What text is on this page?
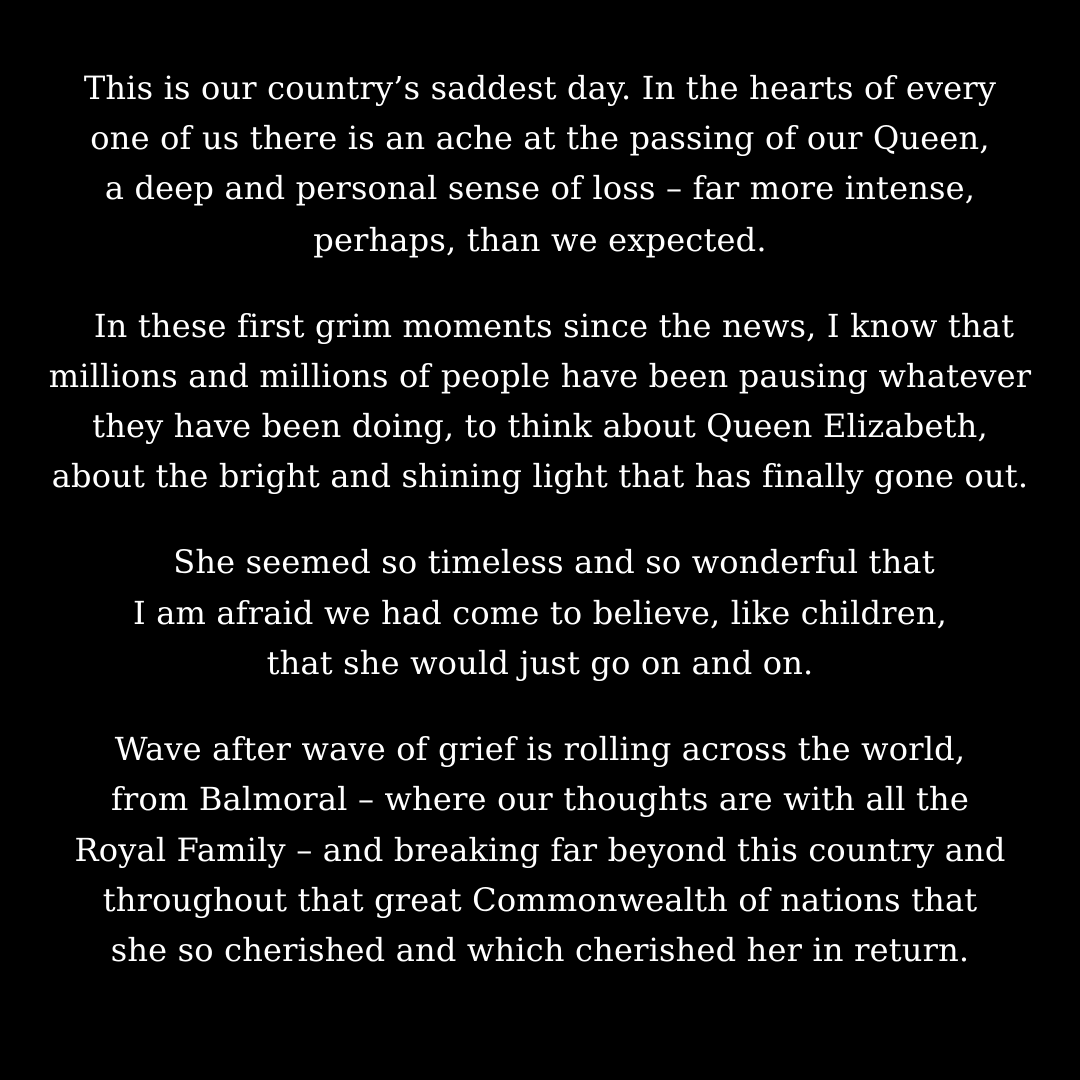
This is our country’s saddest day. In the hearts of every

one of us there is an ache at the passing of our Queen,

a deep and personal sense of loss – far more intense,

perhaps, than we expected.

In these first grim moments since the news, I know that

millions and millions of people have been pausing whatever

they have been doing, to think about Queen Elizabeth,

about the bright and shining light that has finally gone out.

She seemed so timeless and so wonderful that

I am afraid we had come to believe, like children,

that she would just go on and on.

Wave after wave of grief is rolling across the world,

from Balmoral – where our thoughts are with all the

Royal Family – and breaking far beyond this country and

throughout that great Commonwealth of nations that

she so cherished and which cherished her in return.
